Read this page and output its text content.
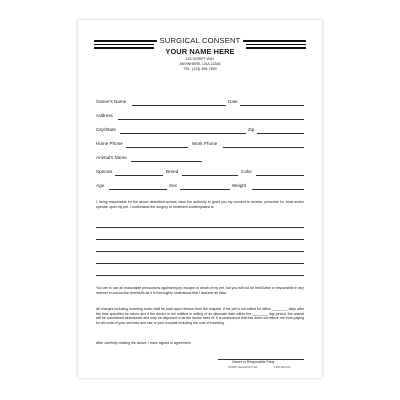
SURGICAL CONSENT
YOUR NAME HERE
123 SCRIPT WAY
ANYWHERE, USA 12345
TEL: (123) 456-7890
Owner's Name	Date
Address
City/State	Zip
Home Phone	Work Phone
Animal's Name
Species	Breed	Color
Age	Sex	Weight
I, being responsible for the above described animal, have the authority to grant you my consent to receive, prescribe for, treat and/or operate upon my pet. I understand the surgery or treatment contemplated is:
You are to use all reasonable precautions against injury, escape or death of my pet, but you will not be held liable or responsible in any manner in connection therewith as it is thoroughly understood that I assume all risks.
All charges including boarding costs shall be paid upon release from the hospital. If the pet is not called for within ________ days after the time specified for return and if the doctor is not notified in writing of an alternate date within the ________ day period, the animal will be considered abandoned and may be disposed of as the doctor sees fit. It is understood that this does not relieve me from paying for all costs of your services and use of your hospital including the cost of boarding.
After carefully reading the above, I have signed in agreement.
Owner or Responsible Party
VC0225 • Medical Arts Press	1-800-328-2179
